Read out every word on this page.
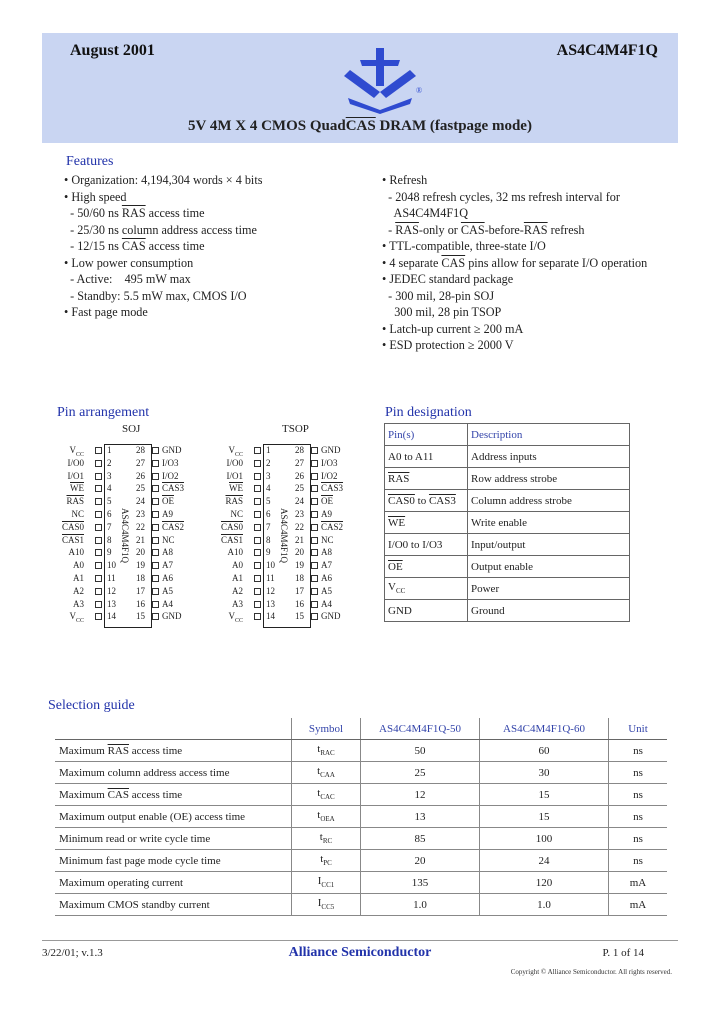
August 2001	AS4C4M4F1Q
®
5V 4M X 4 CMOS $Quad\overline{CAS}$ DRAM (fastpage mode)
Features
• Organization: 4,194,304 words × 4 bits
• High speed
- 50/60 ns $\overline{RAS}$ access time
- 25/30 ns column address access time
- 12/15 ns $\overline{CAS}$ access time
• Low power consumption
- Active:    495 mW max
- Standby: 5.5 mW max, CMOS I/O
• Fast page mode
• Refresh
- 2048 refresh cycles, 32 ms refresh interval for
AS4C4M4F1Q
- $\overline{RAS}$-only or $\overline{CAS}-before-\overline{RAS}$ refresh
• TTL-compatible, three-state I/O
• 4 separate $\overline{CAS}$ pins allow for separate I/O operation
• JEDEC standard package
- 300 mil, 28-pin SOJ
300 mil, 28 pin TSOP
• Latch-up current ≥ 200 mA
• ESD protection ≥ 2000 V
Pin arrangement
SOJ	TSOP
Pin designation
Pin(s)	Description
A0 to A11	Address inputs
$\overline{RAS}$	Row address strobe
CAS0 to CAS3	Column address strobe
$\overline{WE}$	Write enable
I/O0 to I/O3	Input/output
$\overline{OE}$	Output enable
$V_{CC}$	Power
GND	Ground
Selection guide
	Symbol	AS4C4M4F1Q-50	AS4C4M4F1Q-60	Unit
Maximum $\overline{RAS}$ access time	$t_{RAC}$	50	60	ns
Maximum column address access time	$t_{CAA}$	25	30	ns
Maximum $\overline{CAS}$ access time	$t_{CAC}$	12	15	ns
Maximum output enable (OE) access time	$t_{OEA}$	13	15	ns
Minimum read or write cycle time	$t_{RC}$	85	100	ns
Minimum fast page mode cycle time	$t_{PC}$	20	24	ns
Maximum operating current	$I_{CC1}$	135	120	mA
Maximum CMOS standby current	$I_{CC5}$	1.0	1.0	mA
3/22/01; v.1.3	Alliance Semiconductor	P. 1 of 14
Copyright © Alliance Semiconductor. All rights reserved.
AS4C4M4F1Q
$V_{CC}$	1
I/O0	2
I/O1	3
$\overline{WE}$	4
$\overline{RAS}$	5
NC	6
CAS0	7
CAS1	8
A10	9
A0	10
A1	11
A2	12
A3	13
$V_{CC}$	14
28 GND
27 I/O3
26 I/O2
25 CAS3
24 $\overline{OE}$
23 A9
22 CAS2
21 NC
20 A8
19 A7
18 A6
17 A5
16 A4
15 GND
AS4C4M4F1Q
$V_{CC}$	1
I/O0	2
I/O1	3
$\overline{WE}$	4
$\overline{RAS}$	5
NC	6
CAS0	7
CAS1	8
A10	9
A0	10
A1	11
A2	12
A3	13
$V_{CC}$	14
28 GND
27 I/O3
26 I/O2
25 CAS3
24 $\overline{OE}$
23 A9
22 CAS2
21 NC
20 A8
19 A7
18 A6
17 A5
16 A4
15 GND
